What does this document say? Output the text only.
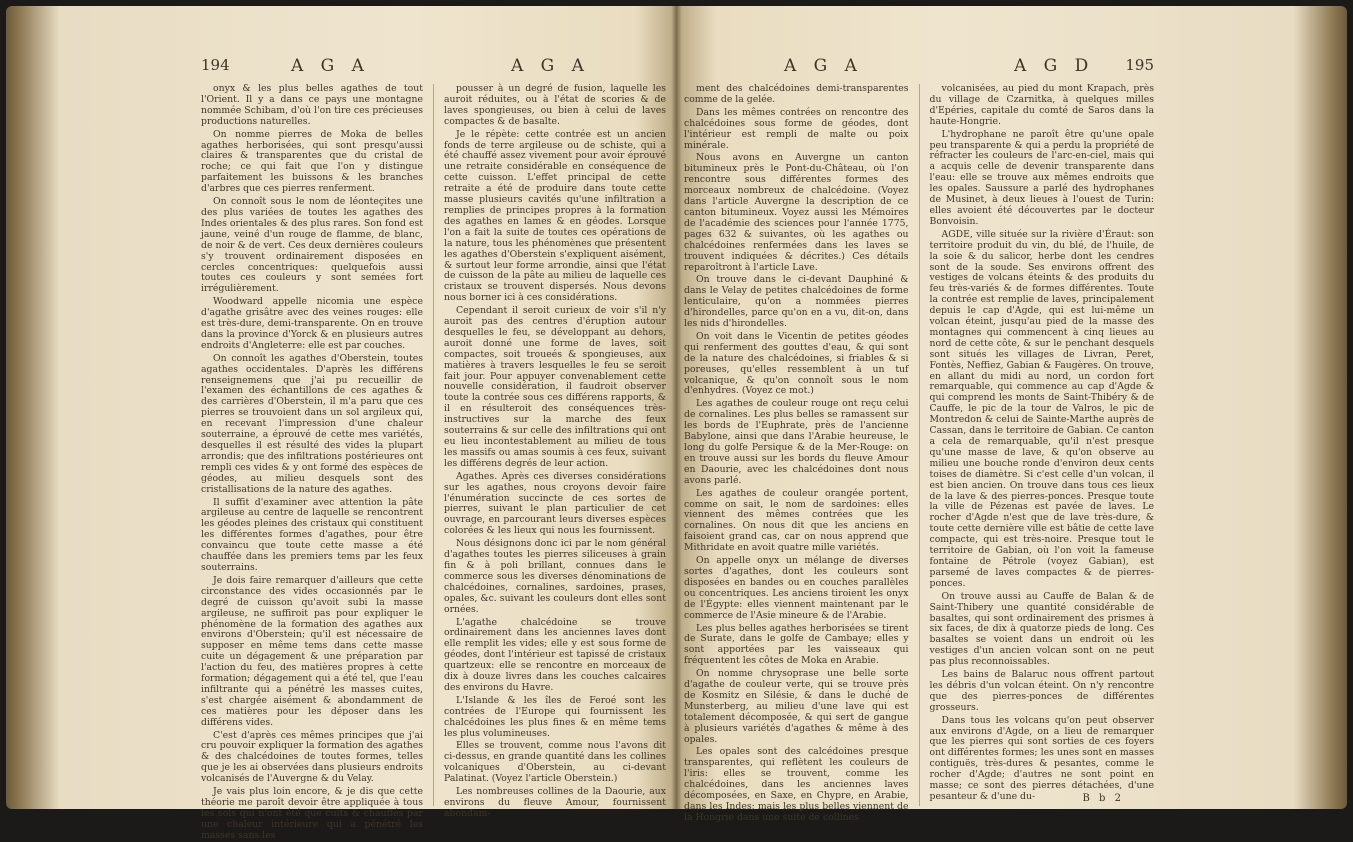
194	A G A	A G A

onyx & les plus belles agathes de tout l'Orient. Il y a dans ce pays une montagne nommée Schibam, d'où l'on tire ces précieuses productions naturelles.

On nomme pierres de Moka de belles agathes herborisées, qui sont presqu'aussi claires & transparentes que du cristal de roche; ce qui fait que l'on y distingue parfaitement les buissons & les branches d'arbres que ces pierres renferment.

On connoît sous le nom de léonteçites une des plus variées de toutes les agathes des Indes orientales & des plus rares. Son fond est jaune, veiné d'un rouge de flamme, de blanc, de noir & de vert. Ces deux dernières couleurs s'y trouvent ordinairement disposées en cercles concentriques: quelquefois aussi toutes ces couleurs y sont semées fort irrégulièrement.

Woodward appelle nicomia une espèce d'agathe grisâtre avec des veines rouges: elle est très-dure, demi-transparente. On en trouve dans la province d'Yorck & en plusieurs autres endroits d'Angleterre: elle est par couches.

On connoît les agathes d'Oberstein, toutes agathes occidentales. D'après les différens renseignemens que j'ai pu recueillir de l'examen des échantillons de ces agathes & des carrières d'Oberstein, il m'a paru que ces pierres se trouvoient dans un sol argileux qui, en recevant l'impression d'une chaleur souterraine, a éprouvé de cette mes variétés, desquelles il est résulté des vides la plupart arrondis; que des infiltrations postérieures ont rempli ces vides & y ont formé des espèces de géodes, au milieu desquels sont des cristallisations de la nature des agathes.

Il suffit d'examiner avec attention la pâte argileuse au centre de laquelle se rencontrent les géodes pleines des cristaux qui constituent les différentes formes d'agathes, pour être convaincu que toute cette masse a été chauffée dans les premiers tems par les feux souterrains.

Je dois faire remarquer d'ailleurs que cette circonstance des vides occasionnés par le degré de cuisson qu'avoit subi la masse argileuse, ne suffiroit pas pour expliquer le phénomène de la formation des agathes aux environs d'Oberstein; qu'il est nécessaire de supposer en même tems dans cette masse cuite un dégagement & une préparation par l'action du feu, des matières propres à cette formation; dégagement qui a été tel, que l'eau infiltrante qui a pénétré les masses cuites, s'est chargée aisément & abondamment de ces matières pour les déposer dans les différens vides.

C'est d'après ces mêmes principes que j'ai cru pouvoir expliquer la formation des agathes & des chalcédoines de toutes formes, telles que je les ai observées dans plusieurs endroits volcanisés de l'Auvergne & du Velay.

Je vais plus loin encore, & je dis que cette théorie me paroît devoir être appliquée à tous les sols qui n'ont été que cuits & chauffés par une chaleur intérieure qui a pénétré les masses sans les

pousser à un degré de fusion, laquelle les auroit réduites, ou à l'état de scories & de laves spongieuses, ou bien à celui de laves compactes & de basalte.

Je le répète: cette contrée est un ancien fonds de terre argileuse ou de schiste, qui a été chauffé assez vivement pour avoir éprouvé une retraite considérable en conséquence de cette cuisson. L'effet principal de cette retraite a été de produire dans toute cette masse plusieurs cavités qu'une infiltration a remplies de principes propres à la formation des agathes en lames & en géodes. Lorsque l'on a fait la suite de toutes ces opérations de la nature, tous les phénomènes que présentent les agathes d'Oberstein s'expliquent aisément, & surtout leur forme arrondie, ainsi que l'état de cuisson de la pâte au milieu de laquelle ces cristaux se trouvent dispersés. Nous devons nous borner ici à ces considérations.

Cependant il seroit curieux de voir s'il n'y auroit pas des centres d'éruption autour desquelles le feu, se développant au dehors, auroit donné une forme de laves, soit compactes, soit troueés & spongieuses, aux matières à travers lesquelles le feu se seroit fait jour. Pour appuyer convenablement cette nouvelle considération, il faudroit observer toute la contrée sous ces différens rapports, & il en résulteroit des conséquences très-instructives sur la marche des feux souterrains & sur celle des infiltrations qui ont eu lieu incontestablement au milieu de tous les massifs ou amas soumis à ces feux, suivant les différens degrés de leur action.

Agathes. Après ces diverses considérations sur les agathes, nous croyons devoir faire l'énumération succincte de ces sortes de pierres, suivant le plan particulier de cet ouvrage, en parcourant leurs diverses espèces colorées & les lieux qui nous les fournissent.

Nous désignons donc ici par le nom général d'agathes toutes les pierres siliceuses à grain fin & à poli brillant, connues dans le commerce sous les diverses dénominations de chalcédoines, cornalines, sardoines, prases, opales, &c. suivant les couleurs dont elles sont ornées.

L'agathe chalcédoine se trouve ordinairement dans les anciennes laves dont elle remplit les vides; elle y est sous forme de géodes, dont l'intérieur est tapissé de cristaux quartzeux: elle se rencontre en morceaux de dix à douze livres dans les couches calcaires des environs du Havre.

L'Islande & les îles de Feroé sont les contrées de l'Europe qui fournissent les chalcédoines les plus fines & en même tems les plus volumineuses.

Elles se trouvent, comme nous l'avons dit ci-dessus, en grande quantité dans les collines volcaniques d'Oberstein, au ci-devant Palatinat. (Voyez l'article Oberstein.)

Les nombreuses collines de la Daourie, aux environs du fleuve Amour, fournissent abondam-

A G A	A G D 195

ment des chalcédoines demi-transparentes comme de la gelée.

Dans les mêmes contrées on rencontre des chalcédoines sous forme de géodes, dont l'intérieur est rempli de malte ou poix minérale.

Nous avons en Auvergne un canton bitumineux près le Pont-du-Château, où l'on rencontre sous différentes formes des morceaux nombreux de chalcédoine. (Voyez dans l'article Auvergne la description de ce canton bitumineux. Voyez aussi les Mémoires de l'académie des sciences pour l'année 1775, pages 632 & suivantes, où les agathes ou chalcédoines renfermées dans les laves se trouvent indiquées & décrites.) Ces détails reparoîtront à l'article Lave.

On trouve dans le ci-devant Dauphiné & dans le Velay de petites chalcédoines de forme lenticulaire, qu'on a nommées pierres d'hirondelles, parce qu'on en a vu, dit-on, dans les nids d'hirondelles.

On voit dans le Vicentin de petites géodes qui renferment des gouttes d'eau, & qui sont de la nature des chalcédoines, si friables & si poreuses, qu'elles ressemblent à un tuf volcanique, & qu'on connoît sous le nom d'enhydres. (Voyez ce mot.)

Les agathes de couleur rouge ont reçu celui de cornalines. Les plus belles se ramassent sur les bords de l'Euphrate, près de l'ancienne Babylone, ainsi que dans l'Arabie heureuse, le long du golfe Persique & de la Mer-Rouge: on en trouve aussi sur les bords du fleuve Amour en Daourie, avec les chalcédoines dont nous avons parlé.

Les agathes de couleur orangée portent, comme on sait, le nom de sardoines: elles viennent des mêmes contrées que les cornalines. On nous dit que les anciens en faisoient grand cas, car on nous apprend que Mithridate en avoit quatre mille variétés.

On appelle onyx un mélange de diverses sortes d'agathes, dont les couleurs sont disposées en bandes ou en couches parallèles ou concentriques. Les anciens tiroient les onyx de l'Égypte: elles viennent maintenant par le commerce de l'Asie mineure & de l'Arabie.

Les plus belles agathes herborisées se tirent de Surate, dans le golfe de Cambaye; elles y sont apportées par les vaisseaux qui fréquentent les côtes de Moka en Arabie.

On nomme chrysoprase une belle sorte d'agathe de couleur verte, qui se trouve près de Kosmitz en Silésie, & dans le duché de Munsterberg, au milieu d'une lave qui est totalement décomposée, & qui sert de gangue à plusieurs variétés d'agathes & même à des opales.

Les opales sont des calcédoines presque transparentes, qui reflètent les couleurs de l'iris: elles se trouvent, comme les chalcédoines, dans les anciennes laves décomposées, en Saxe, en Chypre, en Arabie, dans les Indes; mais les plus belles viennent de la Hongrie dans une suite de collines

volcanisées, au pied du mont Krapach, près du village de Czarnitka, à quelques milles d'Epéries, capitale du comté de Saros dans la haute-Hongrie.

L'hydrophane ne paroît être qu'une opale peu transparente & qui a perdu la propriété de réfracter les couleurs de l'arc-en-ciel, mais qui a acquis celle de devenir transparente dans l'eau: elle se trouve aux mêmes endroits que les opales. Saussure a parlé des hydrophanes de Musinet, à deux lieues à l'ouest de Turin: elles avoient été découvertes par le docteur Bonvoisin.

AGDE, ville située sur la rivière d'Éraut: son territoire produit du vin, du blé, de l'huile, de la soie & du salicor, herbe dont les cendres sont de la soude. Ses environs offrent des vestiges de volcans éteints & des produits du feu très-variés & de formes différentes. Toute la contrée est remplie de laves, principalement depuis le cap d'Agde, qui est lui-même un volcan éteint, jusqu'au pied de la masse des montagnes qui commencent à cinq lieues au nord de cette côte, & sur le penchant desquels sont situés les villages de Livran, Peret, Fontès, Neffiez, Gabian & Faugères. On trouve, en allant du midi au nord, un cordon fort remarquable, qui commence au cap d'Agde & qui comprend les monts de Saint-Thibéry & de Cauffe, le pic de la tour de Valros, le pic de Montredon & celui de Sainte-Marthe auprès de Cassan, dans le territoire de Gabian. Ce canton a cela de remarquable, qu'il n'est presque qu'une masse de lave, & qu'on observe au milieu une bouche ronde d'environ deux cents toises de diamètre. Si c'est celle d'un volcan, il est bien ancien. On trouve dans tous ces lieux de la lave & des pierres-ponces. Presque toute la ville de Pézenas est pavée de laves. Le rocher d'Agde n'est que de lave très-dure, & toute cette dernière ville est bâtie de cette lave compacte, qui est très-noire. Presque tout le territoire de Gabian, où l'on voit la fameuse fontaine de Pétrole (voyez Gabian), est parsemé de laves compactes & de pierres-ponces.

On trouve aussi au Cauffe de Balan & de Saint-Thibery une quantité considérable de basaltes, qui sont ordinairement des prismes à six faces, de dix à quatorze pieds de long. Ces basaltes se voient dans un endroit où les vestiges d'un ancien volcan sont on ne peut pas plus reconnoissables.

Les bains de Balaruc nous offrent partout les débris d'un volcan éteint. On n'y rencontre que des pierres-ponces de différentes grosseurs.

Dans tous les volcans qu'on peut observer aux environs d'Agde, on a lieu de remarquer que les pierres qui sont sorties de ces foyers ont différentes formes; les unes sont en masses contiguës, très-dures & pesantes, comme le rocher d'Agde; d'autres ne sont point en masse; ce sont des pierres détachées, d'une pesanteur & d'une du-	B b 2
